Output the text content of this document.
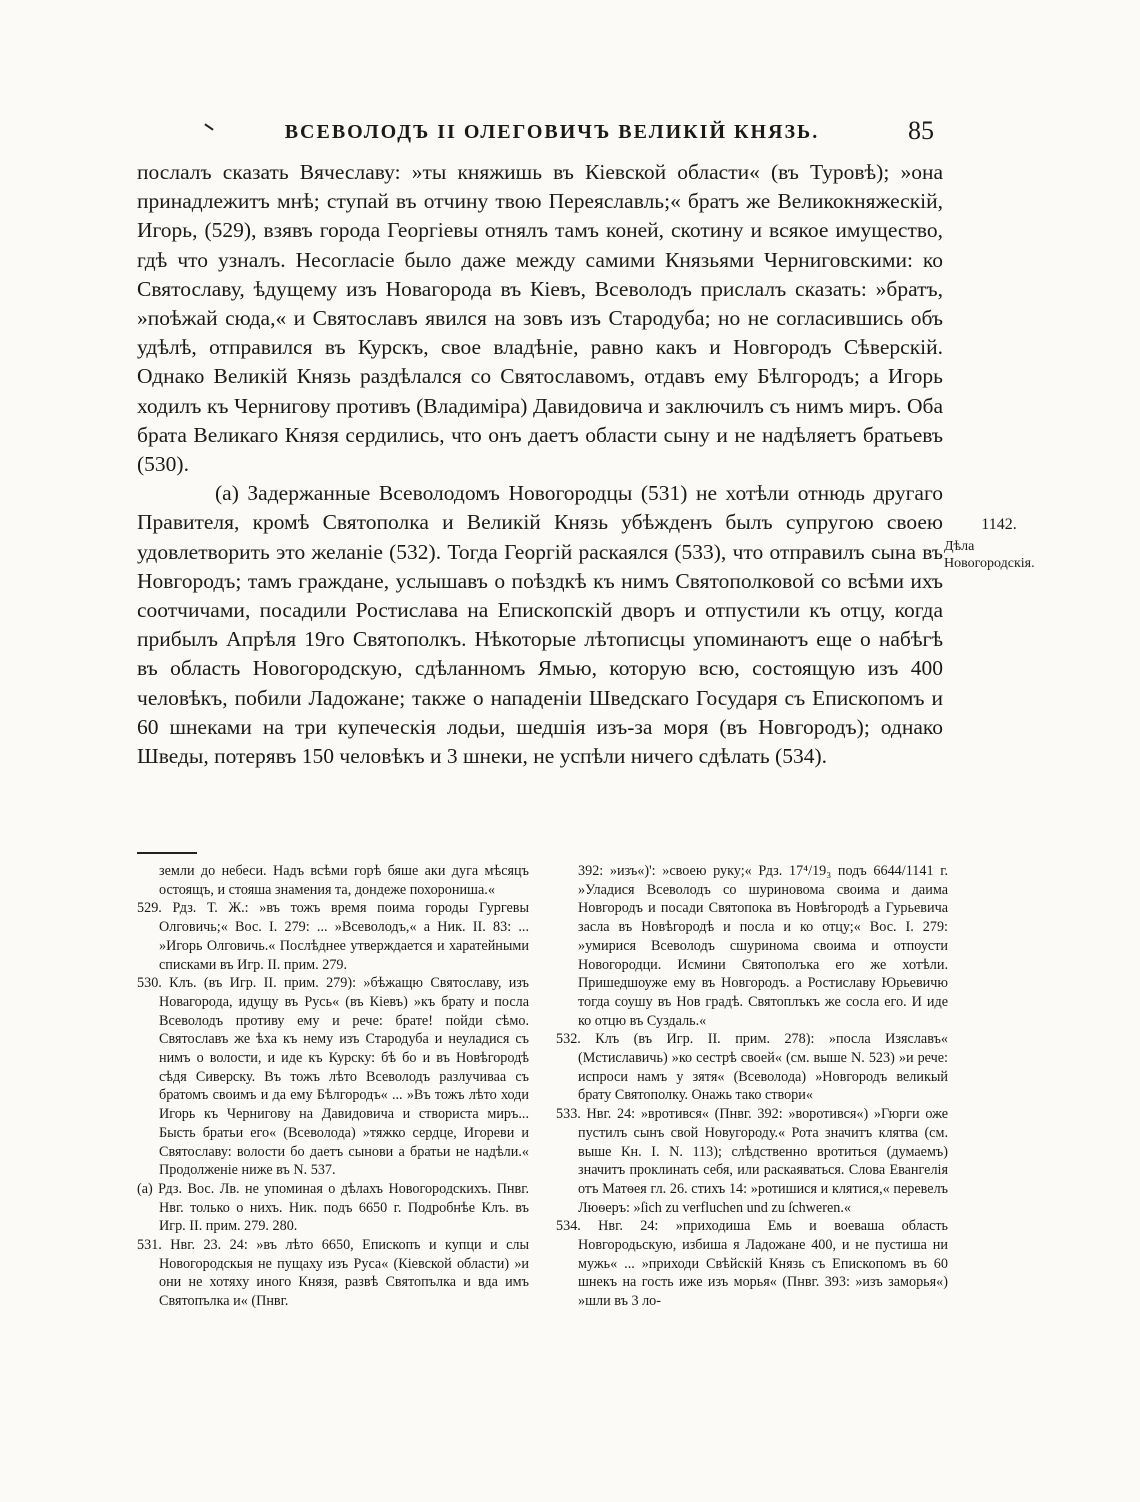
ВСЕВОЛОДЪ II ОЛЕГОВИЧЪ ВЕЛИКІЙ КНЯЗЬ.	85

послалъ сказать Вячеславу: »ты княжишь въ Кіевской области« (въ Туровѣ); »она принадлежитъ мнѣ; ступай въ отчину твою Переяславль;« братъ же Великокняжескій, Игорь, (529), взявъ города Георгіевы отнялъ тамъ коней, скотину и всякое имущество, гдѣ что узналъ. Несогласіе было даже между самими Князьями Черниговскими: ко Святославу, ѣдущему изъ Новагорода въ Кіевъ, Всеволодъ прислалъ сказать: »братъ, »поѣжай сюда,« и Святославъ явился на зовъ изъ Стародуба; но не согласившись объ удѣлѣ, отправился въ Курскъ, свое владѣніе, равно какъ и Новгородъ Сѣверскій. Однако Великій Князь раздѣлался со Святославомъ, отдавъ ему Бѣлгородъ; а Игорь ходилъ къ Чернигову противъ (Владиміра) Давидовича и заключилъ съ нимъ миръ. Оба брата Великаго Князя сердились, что онъ даетъ области сыну и не надѣляетъ братьевъ (530).

(a) Задержанные Всеволодомъ Новогородцы (531) не хотѣли отнюдь другаго Правителя, кромѣ Святополка и Великій Князь убѣжденъ былъ супругою своею удовлетворить это желаніе (532). Тогда Георгій раскаялся (533), что отправилъ сына въ Новгородъ; тамъ граждане, услышавъ о поѣздкѣ къ нимъ Святополковой со всѣми ихъ соотчичами, посадили Ростислава на Епископскій дворъ и отпустили къ отцу, когда прибылъ Апрѣля 19го Святополкъ. Нѣкоторые лѣтописцы упоминаютъ еще о набѣгѣ въ область Новогородскую, сдѣланномъ Ямью, которую всю, состоящую изъ 400 человѣкъ, побили Ладожане; также о нападеніи Шведскаго Государя съ Епископомъ и 60 шнеками на три купеческія лодьи, шедшія изъ-за моря (въ Новгородъ); однако Шведы, потерявъ 150 человѣкъ и 3 шнеки, не успѣли ничего сдѣлать (534).

1142.
Дѣла Новогородскія.

земли до небеси. Надъ всѣми горѣ бяше аки дуга мѣсяцъ остоящъ, и стояша знамения та, дондеже похорониша.«

529. Рдз. Т. Ж.: »въ тожъ время поима городы Гургевы Олговичь;« Вос. I. 279: ... »Всеволодъ,« а Ник. II. 83: ... »Игорь Олговичь.« Послѣднее утверждается и харатейными списками въ Игр. II. прим. 279.

530. Клъ. (въ Игр. II. прим. 279): »бѣжащю Святославу, изъ Новагорода, идущу въ Русь« (въ Кіевъ) »къ брату и посла Всеволодъ противу ему и рече: брате! пойди сѣмо. Святославъ же ѣха къ нему изъ Стародуба и неуладися съ нимъ о волости, и иде къ Курску: бѣ бо и въ Новѣгородѣ сѣдя Сиверску. Въ тожъ лѣто Всеволодъ разлучиваа съ братомъ своимъ и да ему Бѣлгородъ« ... »Въ тожъ лѣто ходи Игорь къ Чернигову на Давидовича и створиста миръ... Бысть братьи его« (Всеволода) »тяжко сердце, Игореви и Святославу: волости бо даетъ сынови а братьи не надѣли.« Продолженіе ниже въ N. 537.

(а) Рдз. Вос. Лв. не упоминая о дѣлахъ Новогородскихъ. Пнвг. Нвг. только о нихъ. Ник. подъ 6650 г. Подробнѣе Клъ. въ Игр. II. прим. 279. 280.

531. Нвг. 23. 24: »въ лѣто 6650, Епископъ и купци и слы Новогородскыя не пущаху изъ Руса« (Кіевской области) »и они не хотяху иного Князя, развѣ Святопълка и вда имъ Святопълка и« (Пнвг.

392: »изъ«)': »своею руку;« Рдз. 17⁴/19₃ подъ 6644/1141 г. »Уладися Всеволодъ со шуриновома своима и даима Новгородъ и посади Святопока въ Новѣгородѣ а Гурьевича засла въ Новѣгородѣ и посла и ко отцу;« Вос. I. 279: »умирися Всеволодъ сшуриномa своима и отпоусти Новогородци. Исмини Святополъка его же хотѣли. Пришедшоуже ему въ Новгородъ. а Ростиславу Юрьевичю тогда соушу въ Нов градѣ. Святоплъкъ же сосла его. И иде ко отцю въ Суздаль.«

532. Клъ (въ Игр. II. прим. 278): »посла Изяславъ« (Мстиславичь) »ко сестрѣ своей« (см. выше N. 523) »и рече: испроси намъ у зятя« (Всеволода) »Новгородъ великый брату Святополку. Онажь тако створи«

533. Нвг. 24: »вротився« (Пнвг. 392: »воротився«) »Гюрги оже пустилъ сынъ свой Новугороду.« Рота значитъ клятва (см. выше Кн. I. N. 113); слѣдственно вротиться (думаемъ) значитъ проклинать себя, или раскаяваться. Слова Евангелія отъ Матѳея гл. 26. стихъ 14: »ротишися и клятися,« перевелъ Люѳеръ: »ſich zu verfluchen und zu ſchweren.«

534. Нвг. 24: »приходиша Емь и воеваша область Новгородьскую, избиша я Ладожане 400, и не пустиша ни мужь« ... »приходи Свѣйскій Князь съ Епископомъ въ 60 шнекъ на гость иже изъ морья« (Пнвг. 393: »изъ заморья«) »шли въ 3 ло-
